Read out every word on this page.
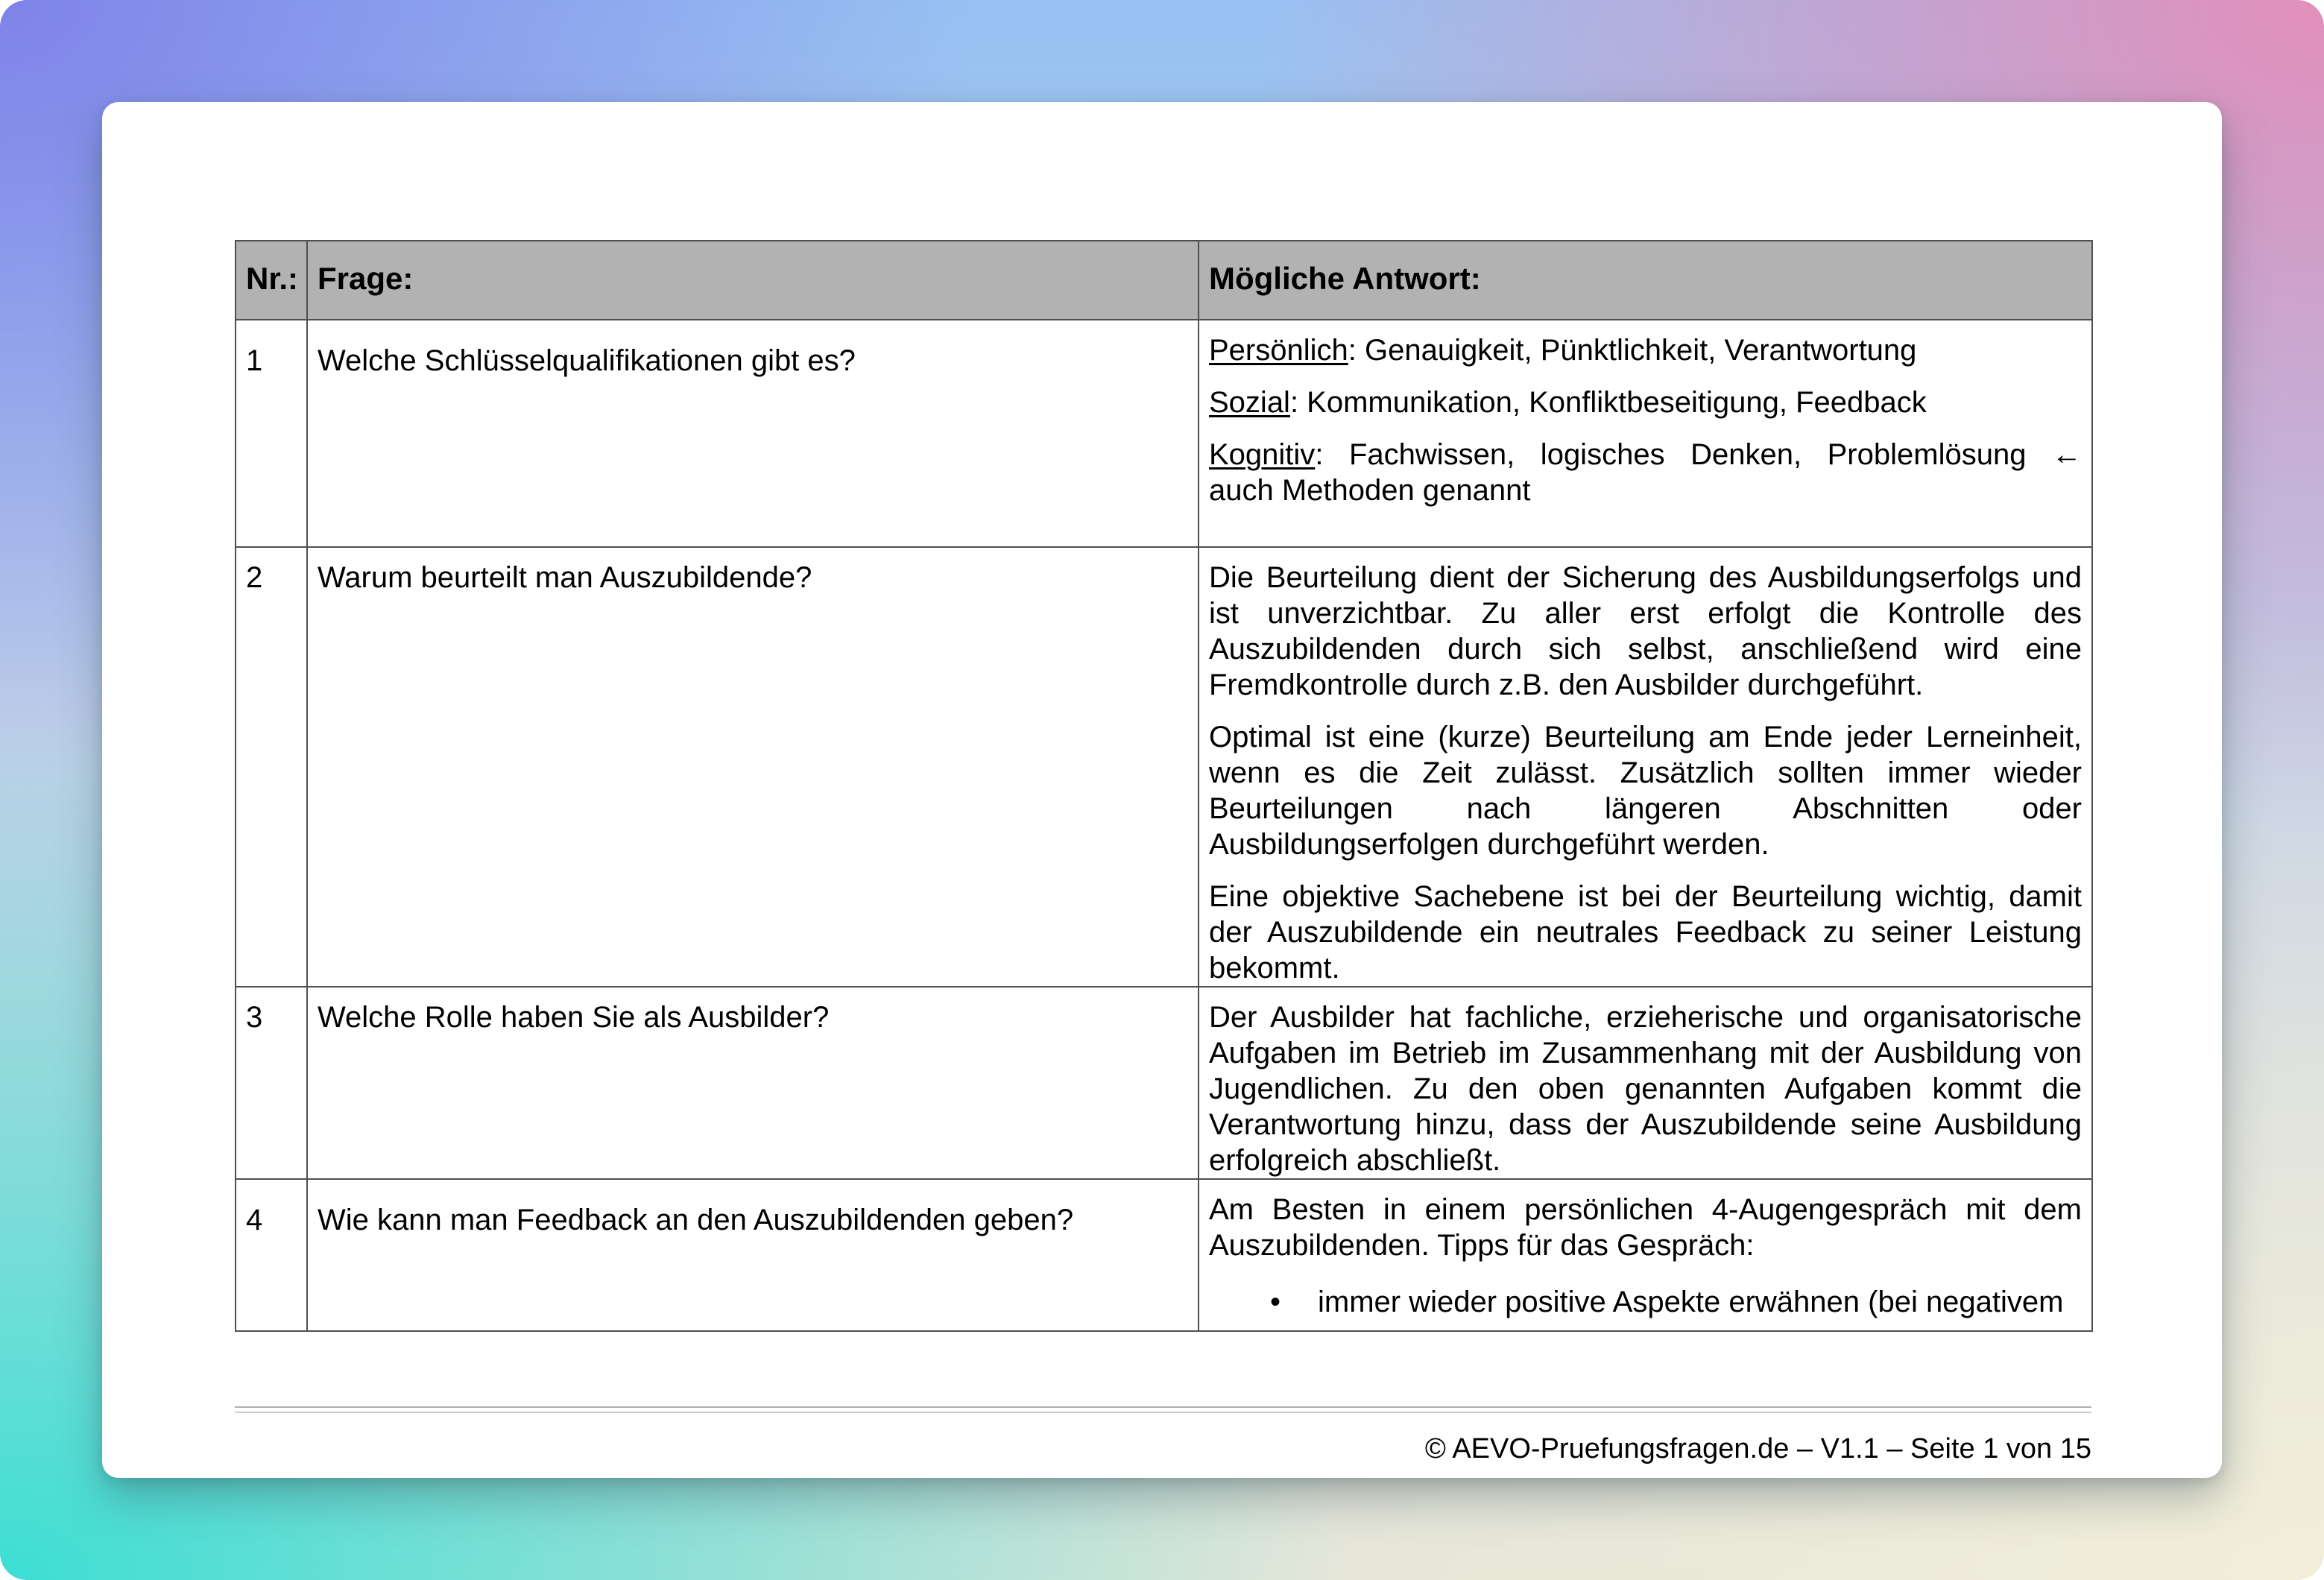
Nr.:	Frage:	Mögliche Antwort:

1	Welche Schlüsselqualifikationen gibt es?	Persönlich: Genauigkeit, Pünktlichkeit, Verantwortung
Sozial: Kommunikation, Konfliktbeseitigung, Feedback
Kognitiv: Fachwissen, logisches Denken, Problemlösung ←
auch Methoden genannt

2	Warum beurteilt man Auszubildende?	Die Beurteilung dient der Sicherung des Ausbildungserfolgs und
ist unverzichtbar. Zu aller erst erfolgt die Kontrolle des
Auszubildenden durch sich selbst, anschließend wird eine
Fremdkontrolle durch z.B. den Ausbilder durchgeführt.
Optimal ist eine (kurze) Beurteilung am Ende jeder Lerneinheit,
wenn es die Zeit zulässt. Zusätzlich sollten immer wieder
Beurteilungen nach längeren Abschnitten oder
Ausbildungserfolgen durchgeführt werden.
Eine objektive Sachebene ist bei der Beurteilung wichtig, damit
der Auszubildende ein neutrales Feedback zu seiner Leistung
bekommt.

3	Welche Rolle haben Sie als Ausbilder?	Der Ausbilder hat fachliche, erzieherische und organisatorische
Aufgaben im Betrieb im Zusammenhang mit der Ausbildung von
Jugendlichen. Zu den oben genannten Aufgaben kommt die
Verantwortung hinzu, dass der Auszubildende seine Ausbildung
erfolgreich abschließt.

4	Wie kann man Feedback an den Auszubildenden geben?	Am Besten in einem persönlichen 4-Augengespräch mit dem
Auszubildenden. Tipps für das Gespräch:
• immer wieder positive Aspekte erwähnen (bei negativem
© AEVO-Pruefungsfragen.de – V1.1 – Seite 1 von 15
